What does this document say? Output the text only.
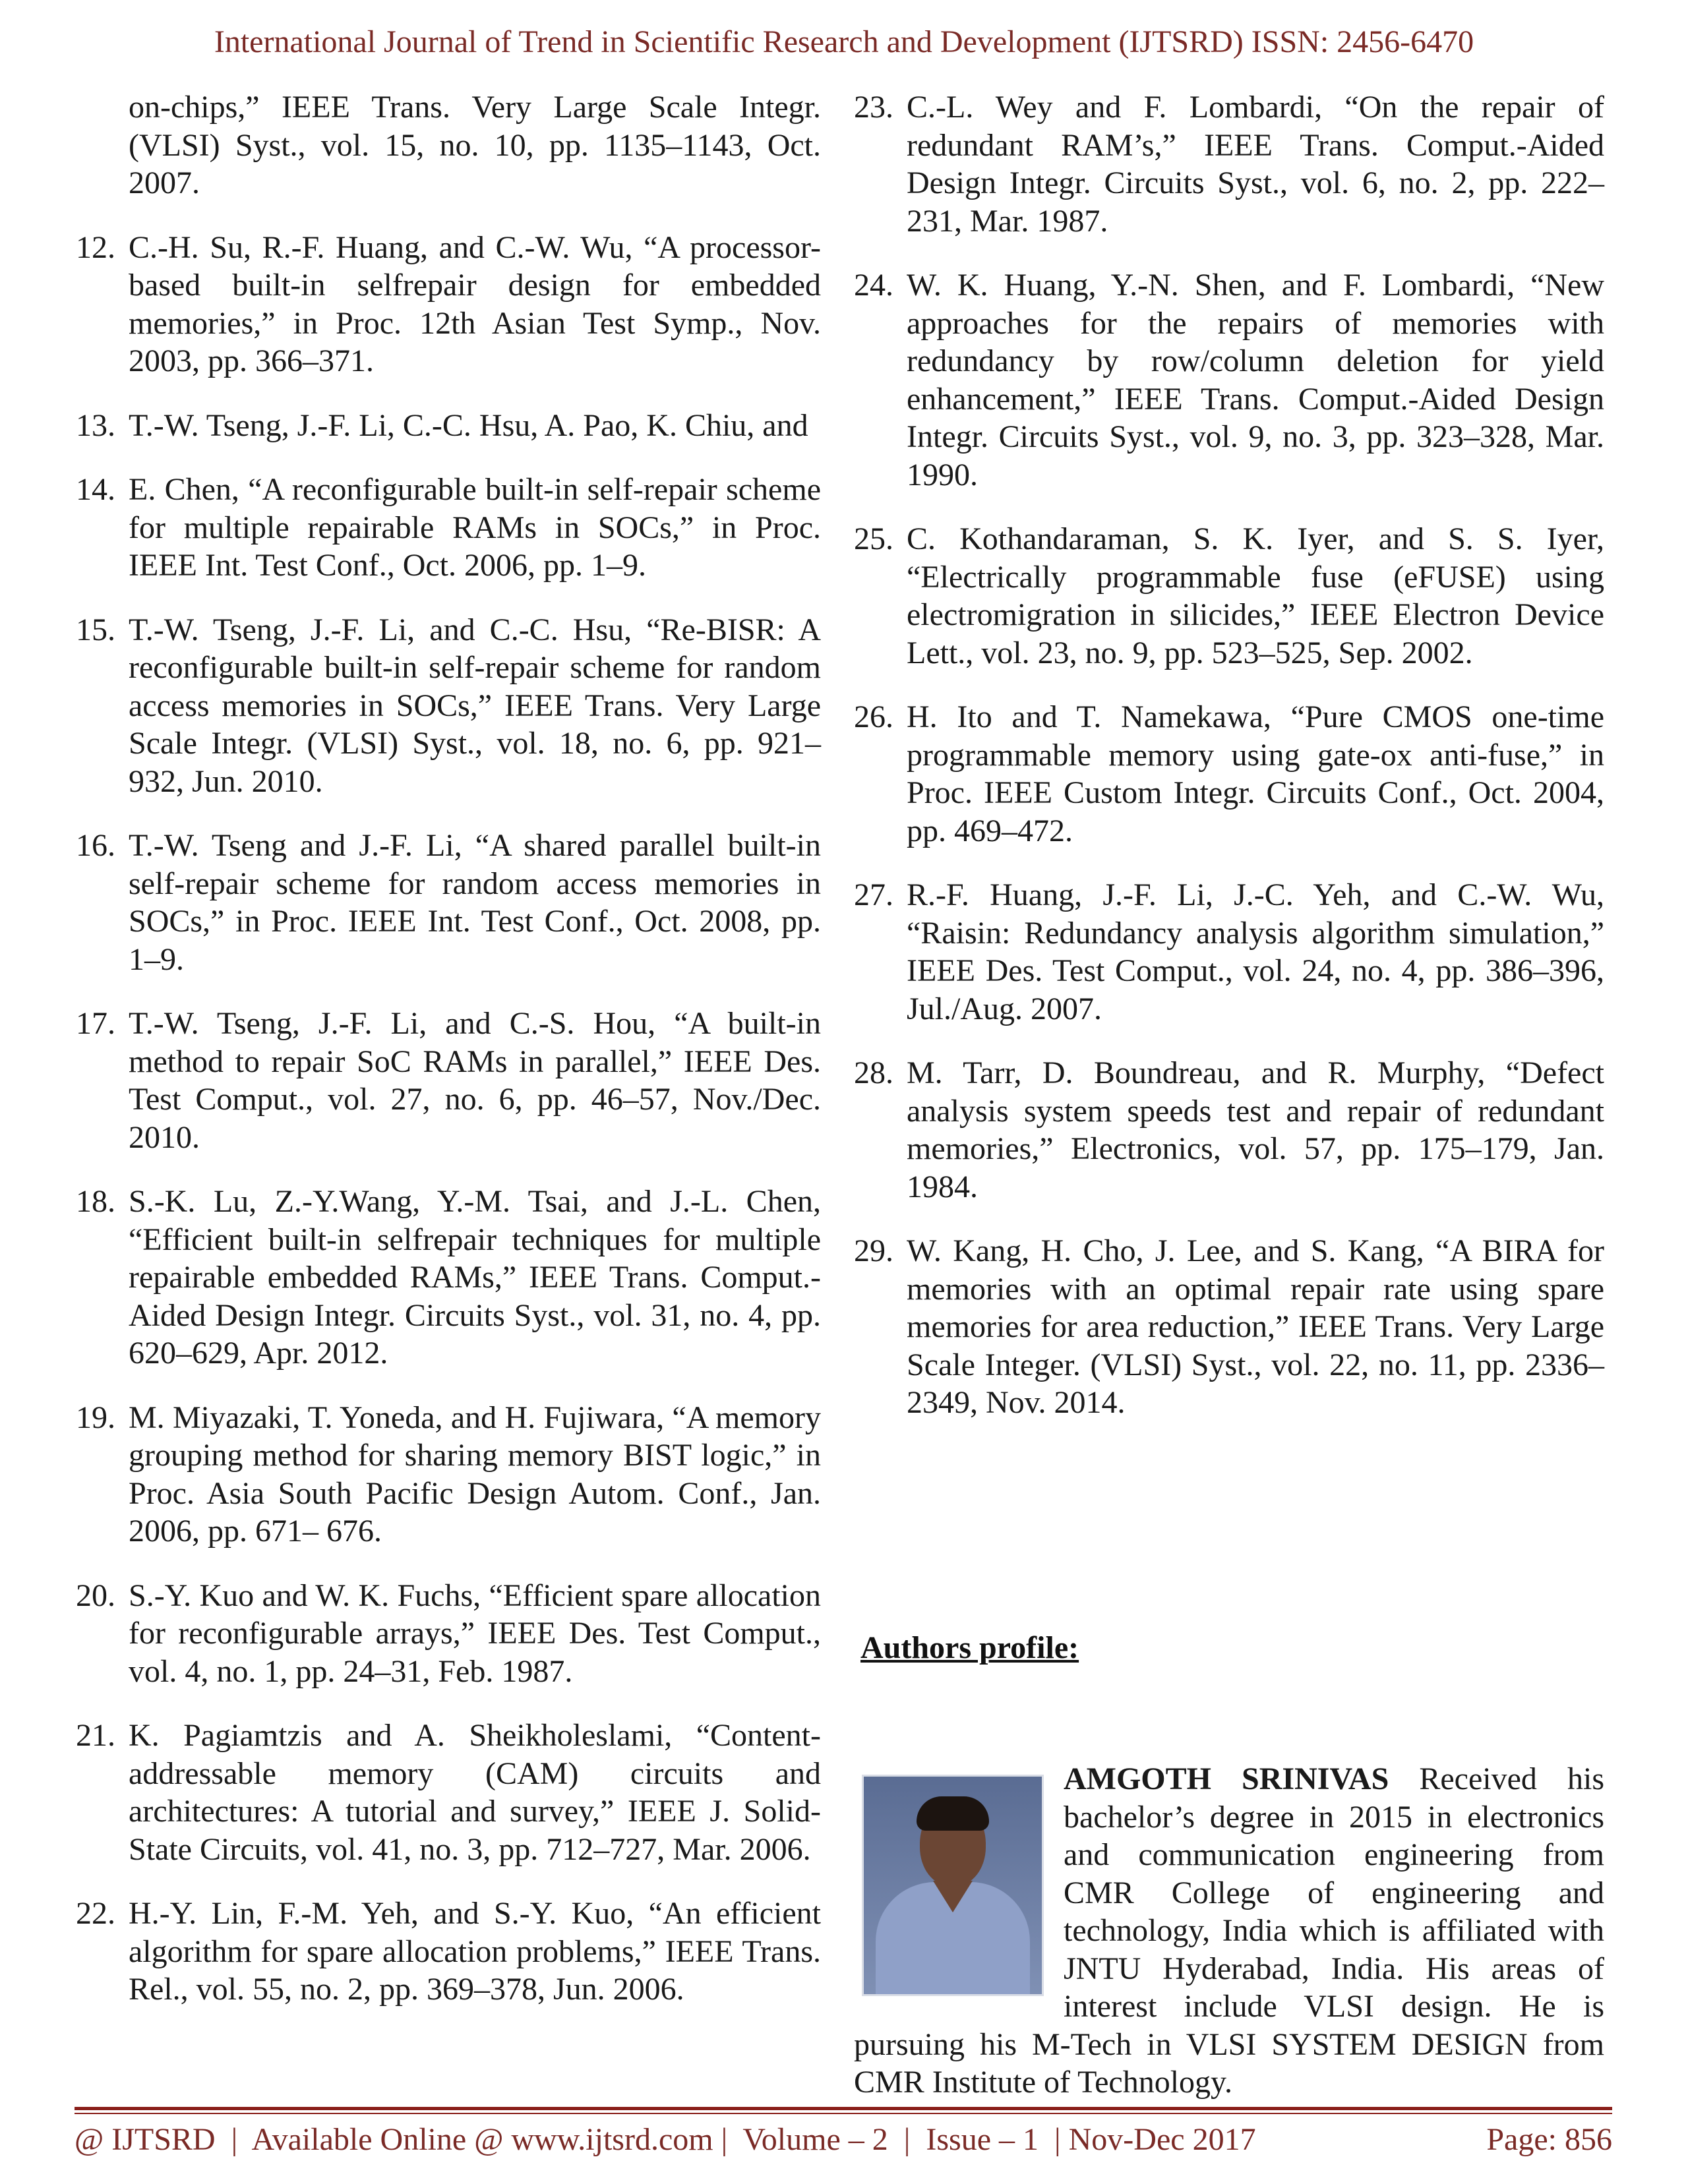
International Journal of Trend in Scientific Research and Development (IJTSRD) ISSN: 2456-6470
on-chips,” IEEE Trans. Very Large Scale Integr. (VLSI) Syst., vol. 15, no. 10, pp. 1135–1143, Oct. 2007.
12. C.-H. Su, R.-F. Huang, and C.-W. Wu, “A processor- based built-in selfrepair design for embedded memories,” in Proc. 12th Asian Test Symp., Nov. 2003, pp. 366–371.
13. T.-W. Tseng, J.-F. Li, C.-C. Hsu, A. Pao, K. Chiu, and
14. E. Chen, “A reconfigurable built-in self-repair scheme for multiple repairable RAMs in SOCs,” in Proc. IEEE Int. Test Conf., Oct. 2006, pp. 1–9.
15. T.-W. Tseng, J.-F. Li, and C.-C. Hsu, “Re-BISR: A reconfigurable built-in self-repair scheme for random access memories in SOCs,” IEEE Trans. Very Large Scale Integr. (VLSI) Syst., vol. 18, no. 6, pp. 921–932, Jun. 2010.
16. T.-W. Tseng and J.-F. Li, “A shared parallel built-in self-repair scheme for random access memories in SOCs,” in Proc. IEEE Int. Test Conf., Oct. 2008, pp. 1–9.
17. T.-W. Tseng, J.-F. Li, and C.-S. Hou, “A built-in method to repair SoC RAMs in parallel,” IEEE Des. Test Comput., vol. 27, no. 6, pp. 46–57, Nov./Dec. 2010.
18. S.-K. Lu, Z.-Y.Wang, Y.-M. Tsai, and J.-L. Chen, “Efficient built-in selfrepair techniques for multiple repairable embedded RAMs,” IEEE Trans. Comput.-Aided Design Integr. Circuits Syst., vol. 31, no. 4, pp. 620–629, Apr. 2012.
19. M. Miyazaki, T. Yoneda, and H. Fujiwara, “A memory grouping method for sharing memory BIST logic,” in Proc. Asia South Pacific Design Autom. Conf., Jan. 2006, pp. 671– 676.
20. S.-Y. Kuo and W. K. Fuchs, “Efficient spare allocation for reconfigurable arrays,” IEEE Des. Test Comput., vol. 4, no. 1, pp. 24–31, Feb. 1987.
21. K. Pagiamtzis and A. Sheikholeslami, “Content-addressable memory (CAM) circuits and architectures: A tutorial and survey,” IEEE J. Solid-State Circuits, vol. 41, no. 3, pp. 712–727, Mar. 2006.
22. H.-Y. Lin, F.-M. Yeh, and S.-Y. Kuo, “An efficient algorithm for spare allocation problems,” IEEE Trans. Rel., vol. 55, no. 2, pp. 369–378, Jun. 2006.
23. C.-L. Wey and F. Lombardi, “On the repair of redundant RAM’s,” IEEE Trans. Comput.-Aided Design Integr. Circuits Syst., vol. 6, no. 2, pp. 222–231, Mar. 1987.
24. W. K. Huang, Y.-N. Shen, and F. Lombardi, “New approaches for the repairs of memories with redundancy by row/column deletion for yield enhancement,” IEEE Trans. Comput.-Aided Design Integr. Circuits Syst., vol. 9, no. 3, pp. 323–328, Mar. 1990.
25. C. Kothandaraman, S. K. Iyer, and S. S. Iyer, “Electrically programmable fuse (eFUSE) using electromigration in silicides,” IEEE Electron Device Lett., vol. 23, no. 9, pp. 523–525, Sep. 2002.
26. H. Ito and T. Namekawa, “Pure CMOS one-time programmable memory using gate-ox anti-fuse,” in Proc. IEEE Custom Integr. Circuits Conf., Oct. 2004, pp. 469–472.
27. R.-F. Huang, J.-F. Li, J.-C. Yeh, and C.-W. Wu, “Raisin: Redundancy analysis algorithm simulation,” IEEE Des. Test Comput., vol. 24, no. 4, pp. 386–396, Jul./Aug. 2007.
28. M. Tarr, D. Boundreau, and R. Murphy, “Defect analysis system speeds test and repair of redundant memories,” Electronics, vol. 57, pp. 175–179, Jan. 1984.
29. W. Kang, H. Cho, J. Lee, and S. Kang, “A BIRA for memories with an optimal repair rate using spare memories for area reduction,” IEEE Trans. Very Large Scale Integer. (VLSI) Syst., vol. 22, no. 11, pp. 2336–2349, Nov. 2014.
Authors profile:
AMGOTH SRINIVAS Received his bachelor’s degree in 2015 in electronics and communication engineering from CMR College of engineering and technology, India which is affiliated with JNTU Hyderabad, India. His areas of interest include VLSI design. He is pursuing his M-Tech in VLSI SYSTEM DESIGN from CMR Institute of Technology.
@ IJTSRD  |  Available Online @ www.ijtsrd.com |  Volume – 2  |  Issue – 1  | Nov-Dec 2017	Page: 856
